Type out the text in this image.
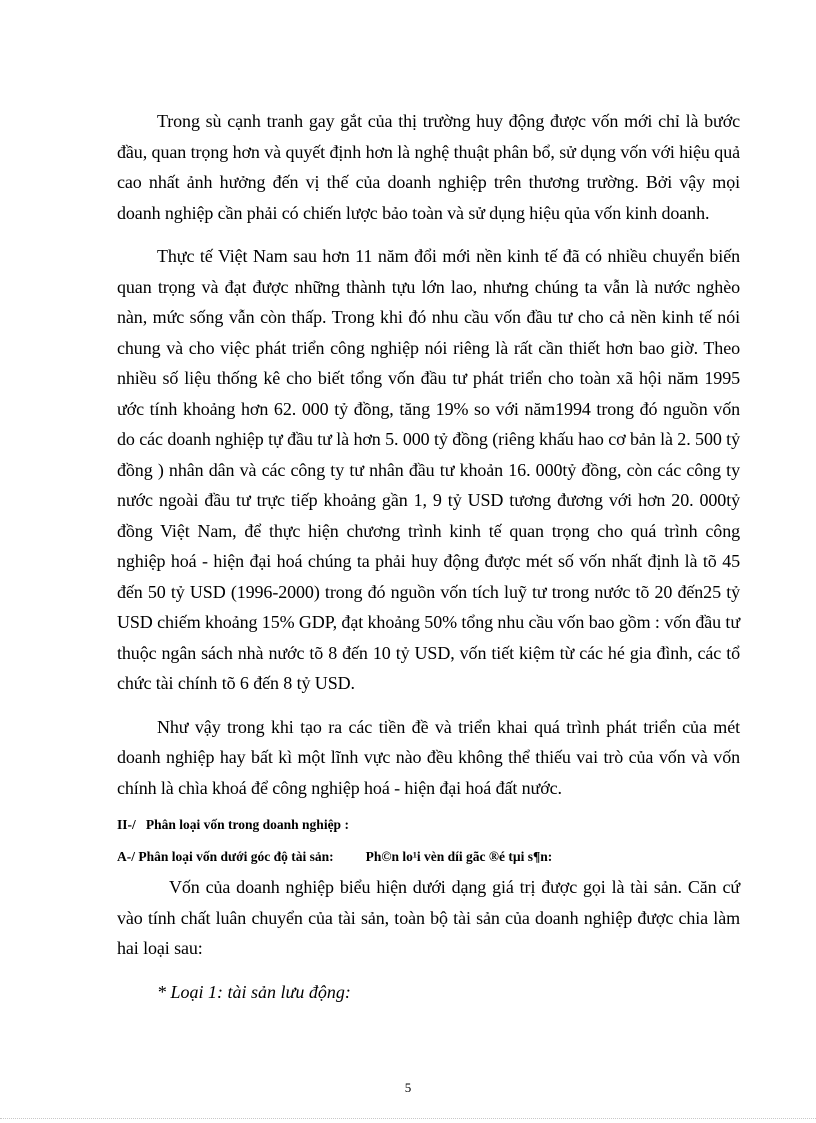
Trong sù cạnh tranh gay gắt của thị trường huy động được vốn mới chỉ là bước đầu, quan trọng hơn và quyết định hơn là nghệ thuật phân bổ, sử dụng vốn với hiệu quả cao nhất ảnh hưởng đến vị thế của doanh nghiệp trên thương trường. Bởi vậy mọi doanh nghiệp cần phải có chiến lược bảo toàn và sử dụng hiệu qủa vốn kinh doanh.

Thực tế Việt Nam sau hơn 11 năm đổi mới nền kinh tế đã có nhiều chuyển biến quan trọng và đạt được những thành tựu lớn lao, nhưng chúng ta vẫn là nước nghèo nàn, mức sống vẫn còn thấp. Trong khi đó nhu cầu vốn đầu tư cho cả nền kinh tế nói chung và cho việc phát triển công nghiệp nói riêng là rất cần thiết hơn bao giờ. Theo nhiều số liệu thống kê cho biết tổng vốn đầu tư phát triển cho toàn xã hội năm 1995 ước tính khoảng hơn 62. 000 tỷ đồng, tăng 19% so với năm1994 trong đó nguồn vốn do các doanh nghiệp tự đầu tư là hơn 5. 000 tỷ đồng (riêng khấu hao cơ bản là 2. 500 tỷ đồng ) nhân dân và các công ty tư nhân đầu tư khoản 16. 000tỷ đồng, còn các công ty nước ngoài đầu tư trực tiếp khoảng gần 1, 9 tỷ USD tương đương với hơn 20. 000tỷ đồng Việt Nam, để thực hiện chương trình kinh tế quan trọng cho quá trình công nghiệp hoá - hiện đại hoá chúng ta phải huy động được mét số vốn nhất định là tõ 45 đến 50 tỷ USD (1996-2000) trong đó nguồn vốn tích luỹ tư trong nước tõ 20 đến25 tỷ USD chiếm khoảng 15% GDP, đạt khoảng 50% tổng nhu cầu vốn bao gồm : vốn đầu tư thuộc ngân sách nhà nước tõ 8 đến 10 tỷ USD, vốn tiết kiệm từ các hé gia đình, các tổ chức tài chính tõ 6 đến 8 tỷ USD.

Như vậy trong khi tạo ra các tiền đề và triển khai quá trình phát triển của mét doanh nghiệp hay bất kì một lĩnh vực nào đều không thể thiếu vai trò của vốn và vốn chính là chìa khoá để công nghiệp hoá - hiện đại hoá đất nước.

II-/   Phân loại vốn trong doanh nghiệp :

A-/ Phân loại vốn dưới góc độ tài sản: Ph©n lo¹i vèn díi gãc ®é tµi s¶n:

Vốn của doanh nghiệp biểu hiện dưới dạng giá trị được gọi là tài sản. Căn cứ vào tính chất luân chuyển của tài sản, toàn bộ tài sản của doanh nghiệp được chia làm hai loại sau:

* Loại 1: tài sản lưu động:

5
